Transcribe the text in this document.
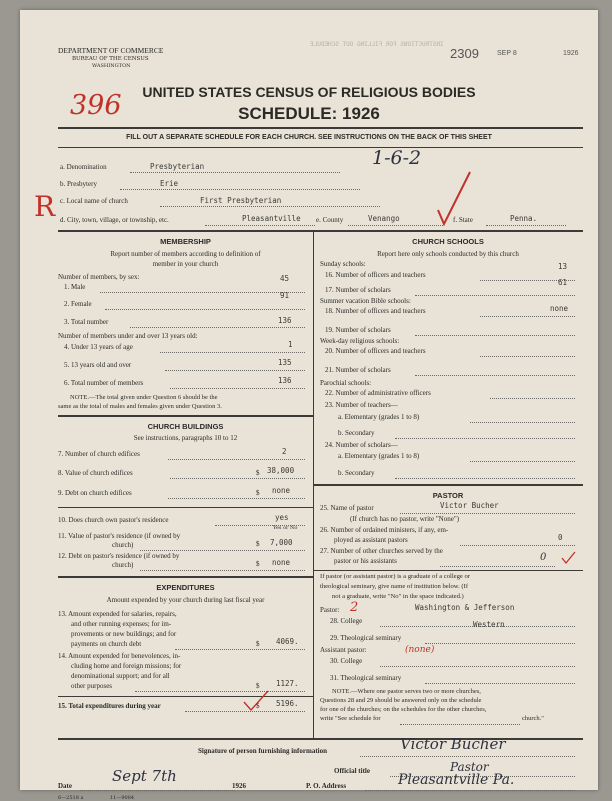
DEPARTMENT OF COMMERCE
BUREAU OF THE CENSUS
WASHINGTON
INSTRUCTIONS FOR FILLING OUT SCHEDULE
2309	SEP 8	1926
396	UNITED STATES CENSUS OF RELIGIOUS BODIES
SCHEDULE: 1926
FILL OUT A SEPARATE SCHEDULE FOR EACH CHURCH. SEE INSTRUCTIONS ON THE BACK OF THIS SHEET
a. Denomination	Presbyterian	1-6-2
b. Presbytery	Erie
c. Local name of church	First Presbyterian
R d. City, town, village, or township, etc.	Pleasantville e. County	Venango	f. State	Penna.
MEMBERSHIP
Report number of members according to definition of
member in your church
Number of members, by sex:
1. Male
45
2. Female
91
3. Total number	136
Number of members under and over 13 years old:
4. Under 13 years of age	1
5. 13 years old and over	135
6. Total number of members	136
NOTE.—The total given under Question 6 should be the
same as the total of males and females given under Question 3.
CHURCH BUILDINGS
See instructions, paragraphs 10 to 12
7. Number of church edifices	2
8. Value of church edifices	$ 38,000
9. Debt on church edifices	$ none
10. Does church own pastor's residence	yes
Yes or No
11. Value of pastor's residence (if owned by
church)	$ 7,000
12. Debt on pastor's residence (if owned by
church)	$ none
EXPENDITURES
Amount expended by your church during last fiscal year
13. Amount expended for salaries, repairs,
and other running expenses; for im-
provements or new buildings; and for
payments on church debt	$ 4069.
14. Amount expended for benevolences, in-
cluding home and foreign missions; for
denominational support; and for all
other purposes	$ 1127.
15. Total expenditures during year	$ 5196.
CHURCH SCHOOLS
Report here only schools conducted by this church
Sunday schools:
16. Number of officers and teachers
13
17. Number of scholars
61
Summer vacation Bible schools:
18. Number of officers and teachers	none
19. Number of scholars
Week-day religious schools:
20. Number of officers and teachers
21. Number of scholars
Parochial schools:
22. Number of administrative officers
23. Number of teachers—
a. Elementary (grades 1 to 8)
b. Secondary
24. Number of scholars—
a. Elementary (grades 1 to 8)
b. Secondary
PASTOR
25. Name of pastor	Victor Bucher
(If church has no pastor, write "None")
26. Number of ordained ministers, if any, em-
ployed as assistant pastors	0
27. Number of other churches served by the
pastor or his assistants	0
If pastor (or assistant pastor) is a graduate of a college or
theological seminary, give name of institution below. (If
not a graduate, write "No" in the space indicated.)
Pastor: 2
28. College
Washington & Jefferson
29. Theological seminary
Western
Assistant pastor:
30. College
(none)
31. Theological seminary
NOTE.—Where one pastor serves two or more churches,
Questions 28 and 29 should be answered only on the schedule
for one of the churches; on the schedules for the other churches,
write "See schedule for	church."
Signature of person furnishing information	Victor Bucher
Official title	Pastor
Date
Sept 7th
1926	P. O. Address	Pleasantville Pa.
6—2518 a	11—9084
